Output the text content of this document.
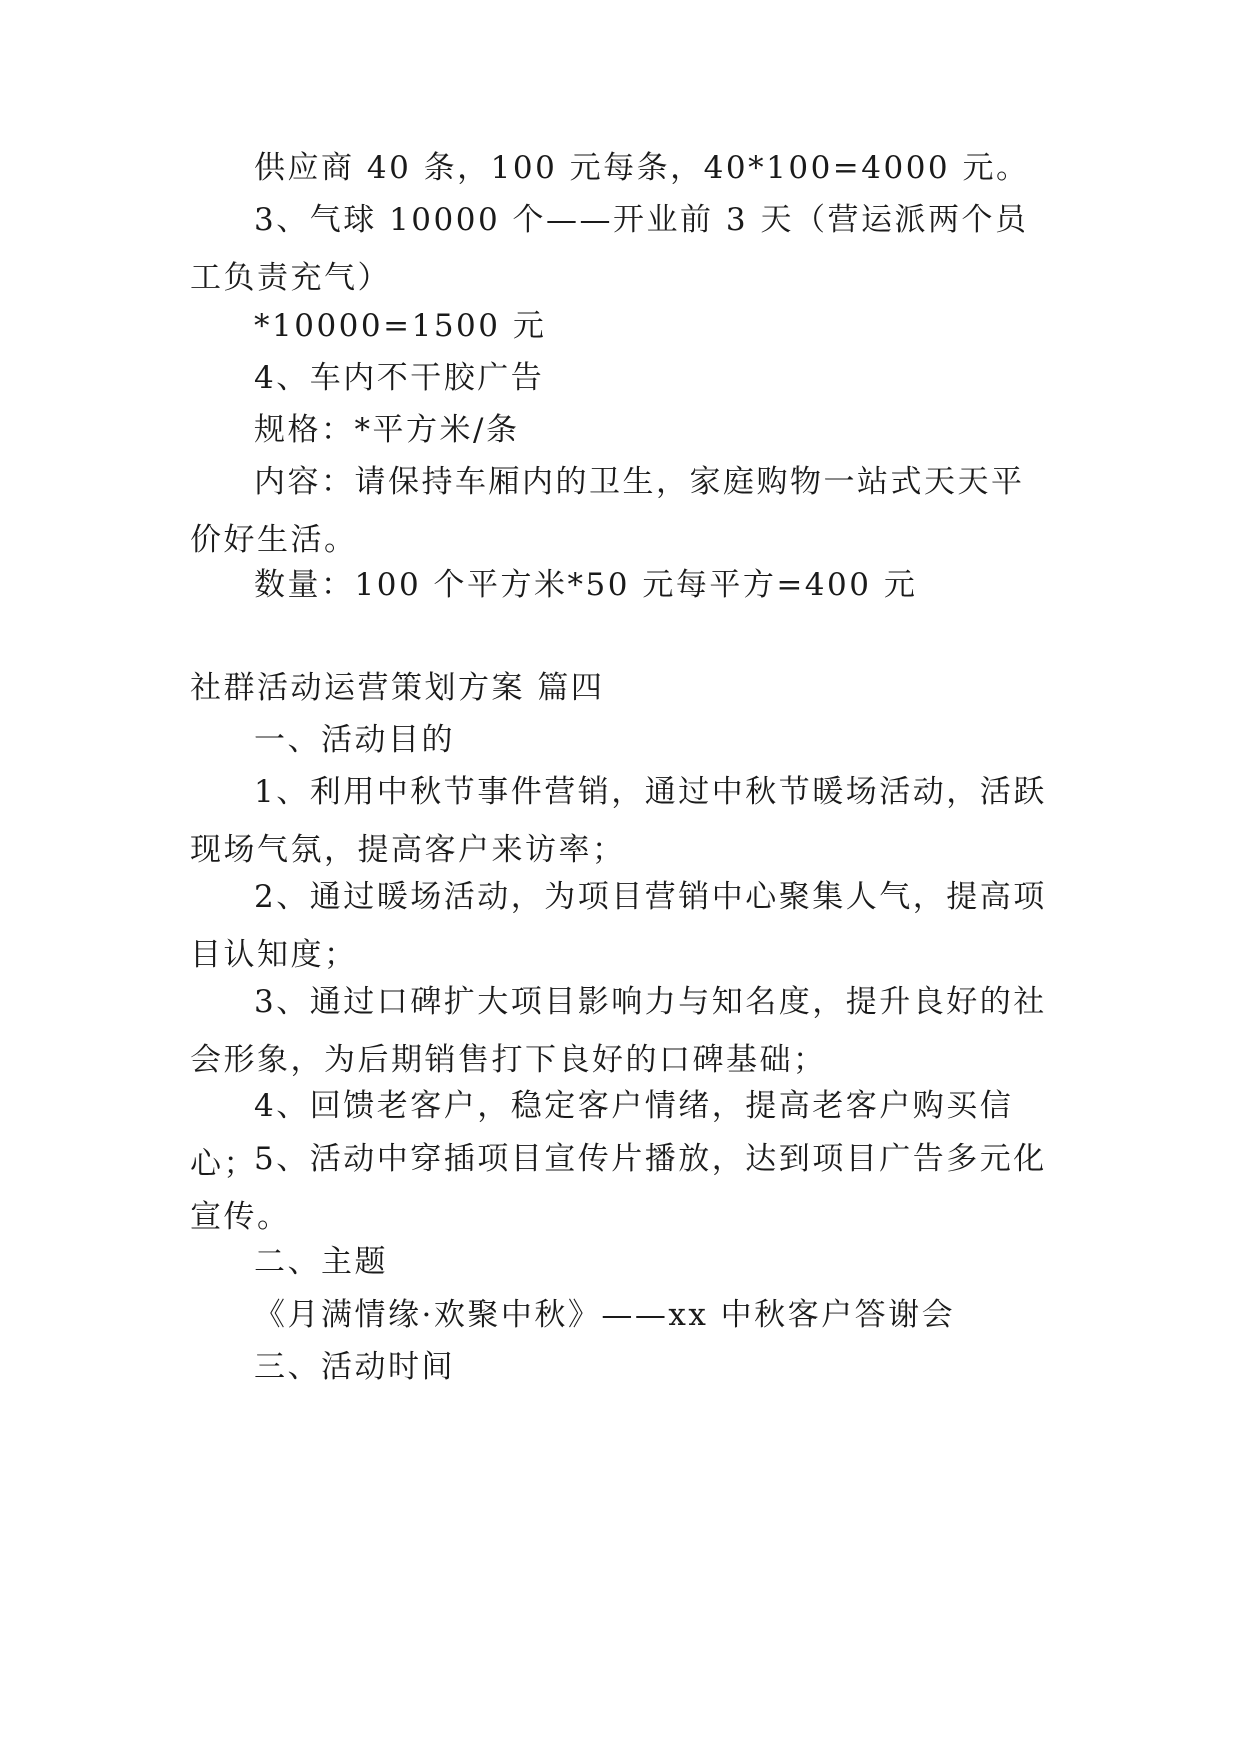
供应商 40 条，100 元每条，40*100=4000 元。

3、气球 10000 个——开业前 3 天（营运派两个员工负责充气）

*10000=1500 元

4、车内不干胶广告

规格：*平方米/条

内容：请保持车厢内的卫生，家庭购物一站式天天平价好生活。

数量：100 个平方米*50 元每平方=400 元

社群活动运营策划方案 篇四

一、活动目的

1、利用中秋节事件营销，通过中秋节暖场活动，活跃现场气氛，提高客户来访率；

2、通过暖场活动，为项目营销中心聚集人气，提高项目认知度；

3、通过口碑扩大项目影响力与知名度，提升良好的社会形象，为后期销售打下良好的口碑基础；

4、回馈老客户，稳定客户情绪，提高老客户购买信心；

5、活动中穿插项目宣传片播放，达到项目广告多元化宣传。

二、主题

《月满情缘·欢聚中秋》——xx 中秋客户答谢会

三、活动时间
